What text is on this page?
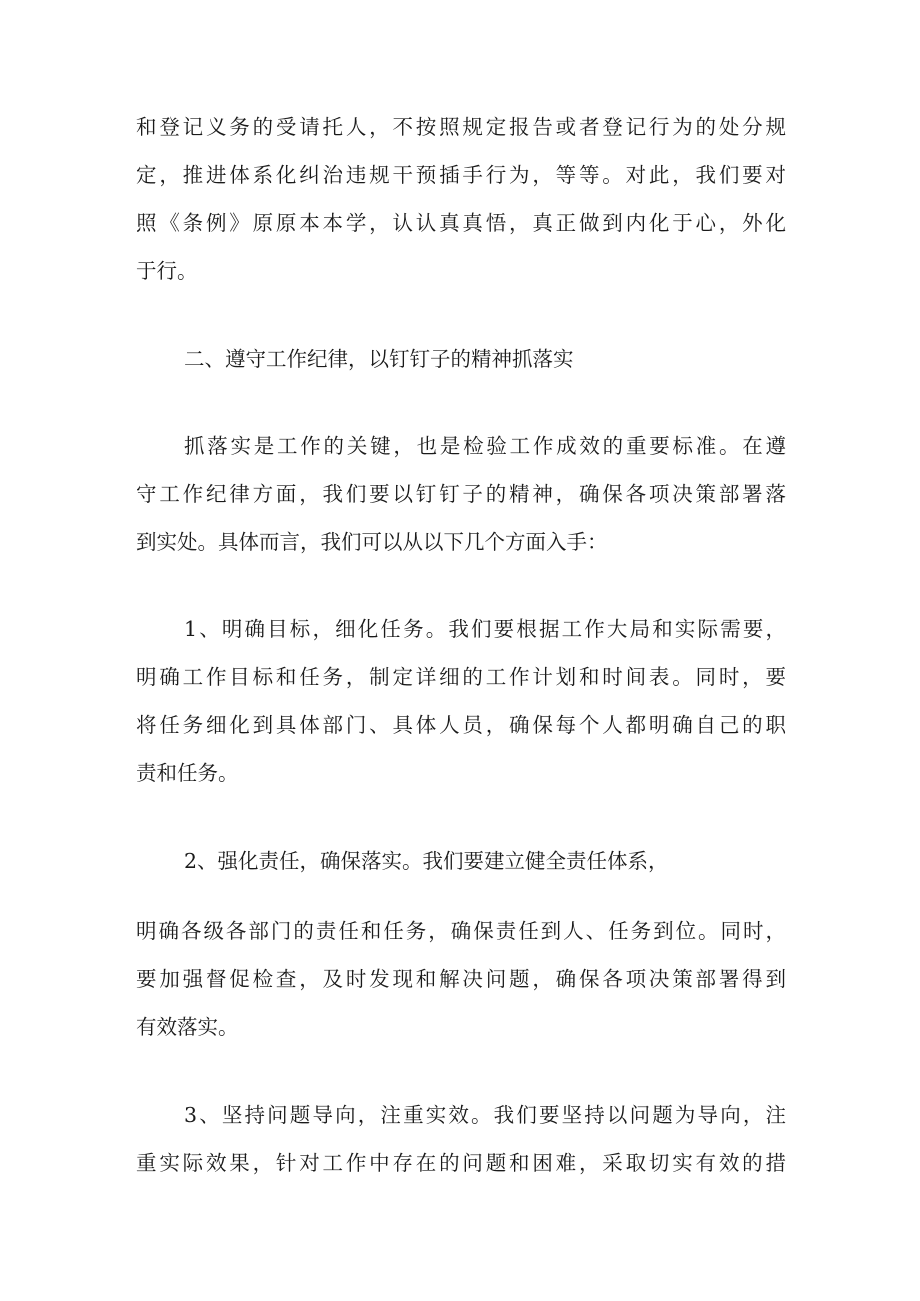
和登记义务的受请托人，不按照规定报告或者登记行为的处分规
定，推进体系化纠治违规干预插手行为，等等。对此，我们要对
照《条例》原原本本学，认认真真悟，真正做到内化于心，外化
于行。
二、遵守工作纪律，以钉钉子的精神抓落实
抓落实是工作的关键，也是检验工作成效的重要标准。在遵
守工作纪律方面，我们要以钉钉子的精神，确保各项决策部署落
到实处。具体而言，我们可以从以下几个方面入手：
1、明确目标，细化任务。我们要根据工作大局和实际需要，
明确工作目标和任务，制定详细的工作计划和时间表。同时，要
将任务细化到具体部门、具体人员，确保每个人都明确自己的职
责和任务。
2、强化责任，确保落实。我们要建立健全责任体系，
明确各级各部门的责任和任务，确保责任到人、任务到位。同时，
要加强督促检查，及时发现和解决问题，确保各项决策部署得到
有效落实。
3、坚持问题导向，注重实效。我们要坚持以问题为导向，注
重实际效果，针对工作中存在的问题和困难，采取切实有效的措
